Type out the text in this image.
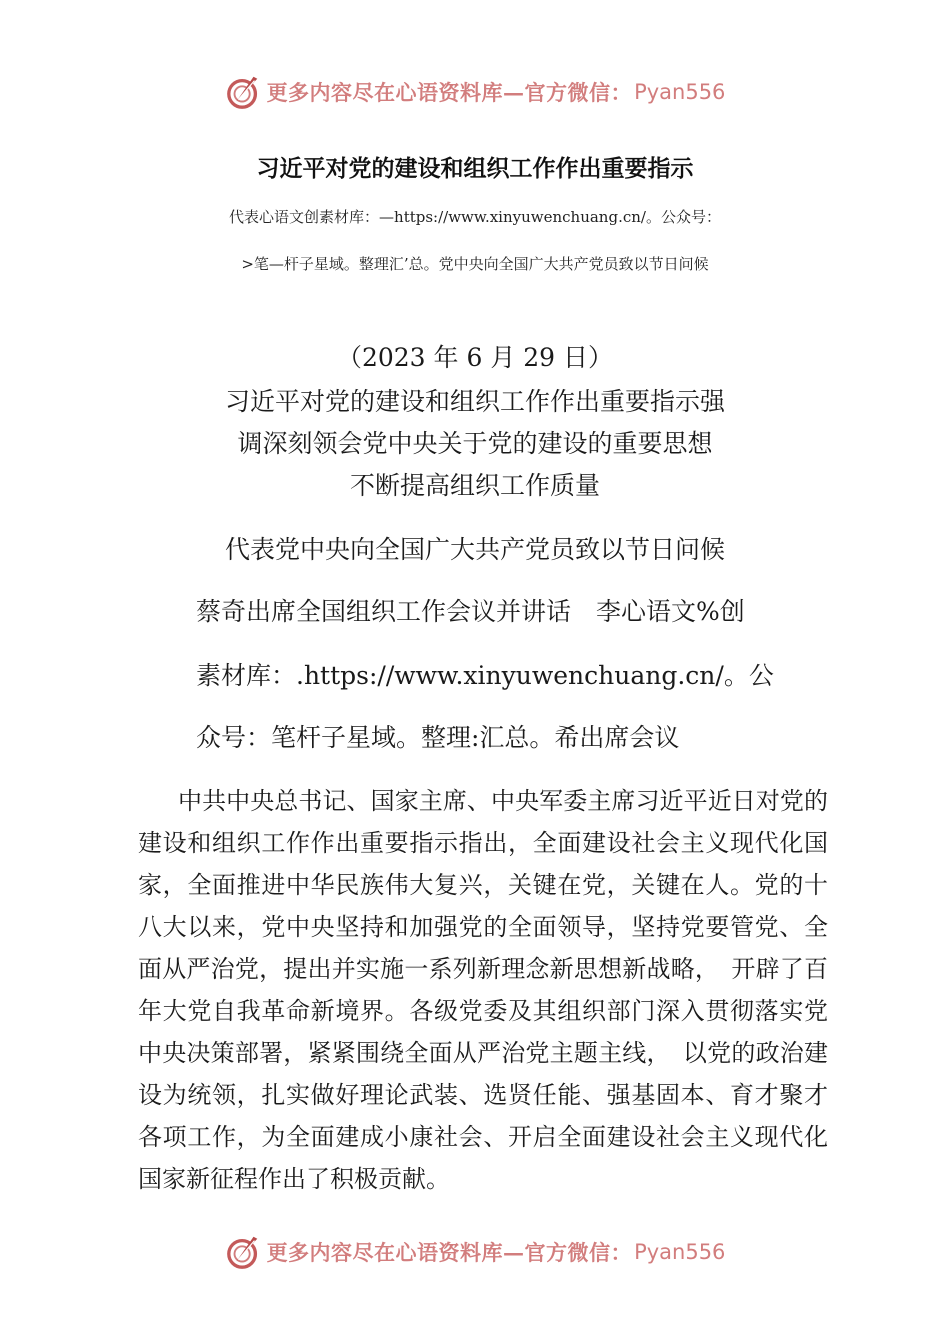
更多内容尽在心语资料库—官方微信： Pyan556
习近平对党的建设和组织工作作出重要指示
代表心语文创素材库：—https://www.xinyuwenchuang.cn/。公众号：
>笔—杆子星域。整理汇’总。党中央向全国广大共产党员致以节日问候
（2023 年 6 月 29 日）
习近平对党的建设和组织工作作出重要指示强
调深刻领会党中央关于党的建设的重要思想
不断提高组织工作质量
代表党中央向全国广大共产党员致以节日问候
蔡奇出席全国组织工作会议并讲话　李心语文%创
素材库：.https://www.xinyuwenchuang.cn/。公
众号：笔杆子星域。整理:汇总。希出席会议

中共中央总书记、国家主席、中央军委主席习近平近日对党的建设和组织工作作出重要指示指出，全面建设社会主义现代化国家，全面推进中华民族伟大复兴，关键在党，关键在人。党的十八大以来，党中央坚持和加强党的全面领导，坚持党要管党、全面从严治党，提出并实施一系列新理念新思想新战略，　开辟了百年大党自我革命新境界。各级党委及其组织部门深入贯彻落实党中央决策部署，紧紧围绕全面从严治党主题主线，　以党的政治建设为统领，扎实做好理论武装、选贤任能、强基固本、育才聚才各项工作，为全面建成小康社会、开启全面建设社会主义现代化国家新征程作出了积极贡献。

更多内容尽在心语资料库—官方微信： Pyan556
